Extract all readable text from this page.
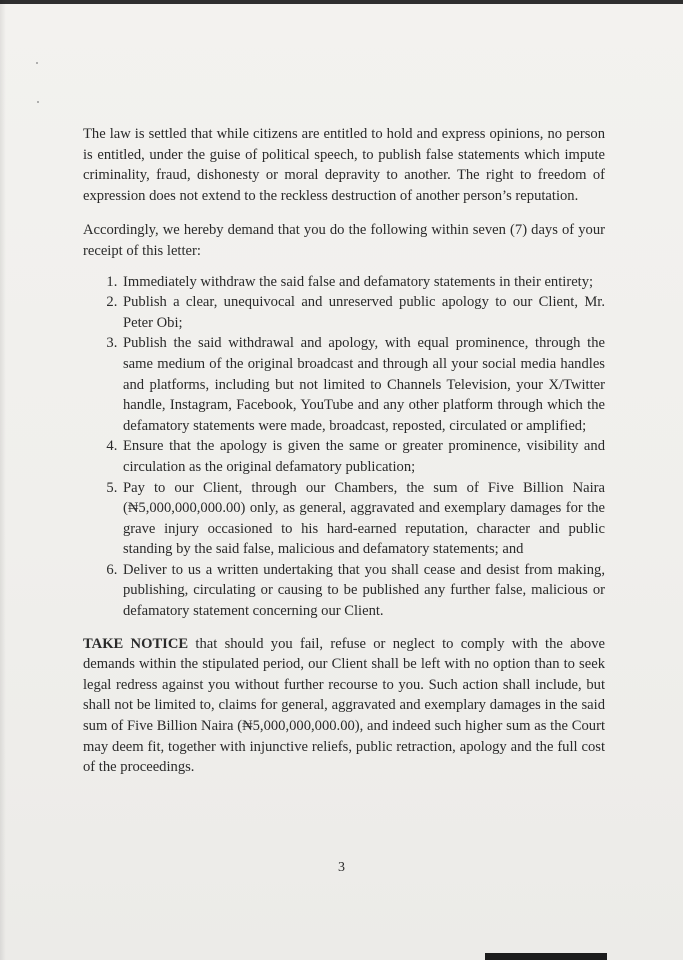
The law is settled that while citizens are entitled to hold and express opinions, no person is entitled, under the guise of political speech, to publish false statements which impute criminality, fraud, dishonesty or moral depravity to another. The right to freedom of expression does not extend to the reckless destruction of another person’s reputation.

Accordingly, we hereby demand that you do the following within seven (7) days of your receipt of this letter:

1. Immediately withdraw the said false and defamatory statements in their entirety;
2. Publish a clear, unequivocal and unreserved public apology to our Client, Mr. Peter Obi;
3. Publish the said withdrawal and apology, with equal prominence, through the same medium of the original broadcast and through all your social media handles and platforms, including but not limited to Channels Television, your X/Twitter handle, Instagram, Facebook, YouTube and any other platform through which the defamatory statements were made, broadcast, reposted, circulated or amplified;
4. Ensure that the apology is given the same or greater prominence, visibility and circulation as the original defamatory publication;
5. Pay to our Client, through our Chambers, the sum of Five Billion Naira (₦5,000,000,000.00) only, as general, aggravated and exemplary damages for the grave injury occasioned to his hard-earned reputation, character and public standing by the said false, malicious and defamatory statements; and
6. Deliver to us a written undertaking that you shall cease and desist from making, publishing, circulating or causing to be published any further false, malicious or defamatory statement concerning our Client.

TAKE NOTICE that should you fail, refuse or neglect to comply with the above demands within the stipulated period, our Client shall be left with no option than to seek legal redress against you without further recourse to you. Such action shall include, but shall not be limited to, claims for general, aggravated and exemplary damages in the said sum of Five Billion Naira (₦5,000,000,000.00), and indeed such higher sum as the Court may deem fit, together with injunctive reliefs, public retraction, apology and the full cost of the proceedings.

3
